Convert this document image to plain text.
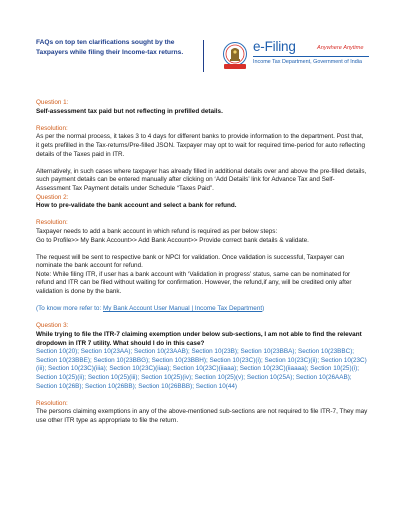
FAQs on top ten clarifications sought by the
Taxpayers while filing their Income-tax returns.	e-Filing	Anywhere Anytime
Income Tax Department, Government of India

Question 1:

Self-assessment tax paid but not reflecting in prefilled details.

Resolution:

As per the normal process, it takes 3 to 4 days for different banks to provide information to the department. Post that, it gets prefilled in the Tax-returns/Pre-filled JSON. Taxpayer may opt to wait for required time-period for auto reflecting details of the Taxes paid in ITR.

Alternatively, in such cases where taxpayer has already filled in additional details over and above the pre-filled details, such payment details can be entered manually after clicking on ‘Add Details’ link for Advance Tax and Self-Assessment Tax Payment details under Schedule “Taxes Paid”.

Question 2:

How to pre-validate the bank account and select a bank for refund.

Resolution:

Taxpayer needs to add a bank account in which refund is required as per below steps:

Go to Profile>> My Bank Account>> Add Bank Account>> Provide correct bank details & validate.

The request will be sent to respective bank or NPCI for validation. Once validation is successful, Taxpayer can nominate the bank account for refund.

Note: While filing ITR, if user has a bank account with ‘Validation in progress’ status, same can be nominated for refund and ITR can be filed without waiting for confirmation. However, the refund,if any, will be credited only after validation is done by the bank.

(To know more refer to: My Bank Account User Manual | Income Tax Department)

Question 3:

While trying to file the ITR-7 claiming exemption under below sub-sections, I am not able to find the relevant dropdown in ITR 7 utility. What should I do in this case?

Section 10(20); Section 10(23AA); Section 10(23AAB); Section 10(23B); Section 10(23BBA); Section 10(23BBC); Section 10(23BBE); Section 10(23BBG); Section 10(23BBH); Section 10(23C)(i); Section 10(23C)(ii); Section 10(23C)(iii); Section 10(23C)(iiia); Section 10(23C)(iiaa); Section 10(23C)(iiaaa); Section 10(23C)(iiaaaa); Section 10(25)(i); Section 10(25)(ii); Section 10(25)(iii); Section 10(25)(iv); Section 10(25)(v); Section 10(25A); Section 10(26AAB); Section 10(26B); Section 10(26BB); Section 10(26BBB); Section 10(44)

Resolution:

The persons claiming exemptions in any of the above-mentioned sub-sections are not required to file ITR-7, They may use other ITR type as appropriate to file the return.
